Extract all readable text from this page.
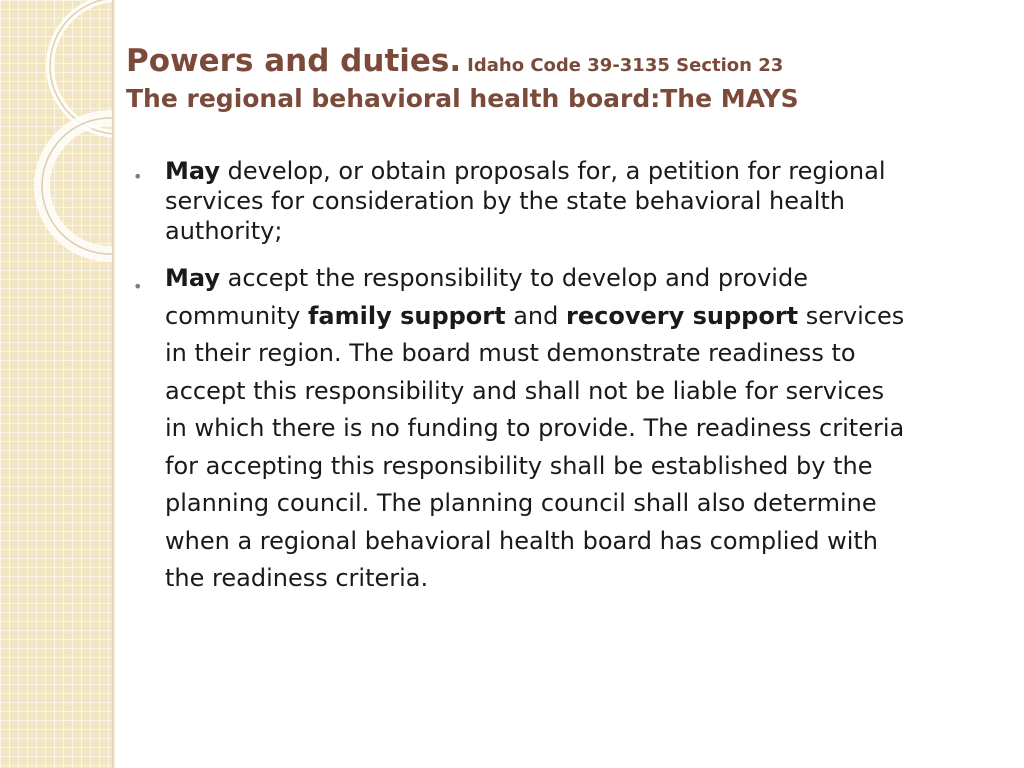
Powers and duties. Idaho Code 39-3135 Section 23

The regional behavioral health board:The MAYS

• May develop, or obtain proposals for, a petition for regional services for consideration by the state behavioral health authority;
• May accept the responsibility to develop and provide community family support and recovery support services in their region. The board must demonstrate readiness to accept this responsibility and shall not be liable for services in which there is no funding to provide. The readiness criteria for accepting this responsibility shall be established by the planning council. The planning council shall also determine when a regional behavioral health board has complied with the readiness criteria.
